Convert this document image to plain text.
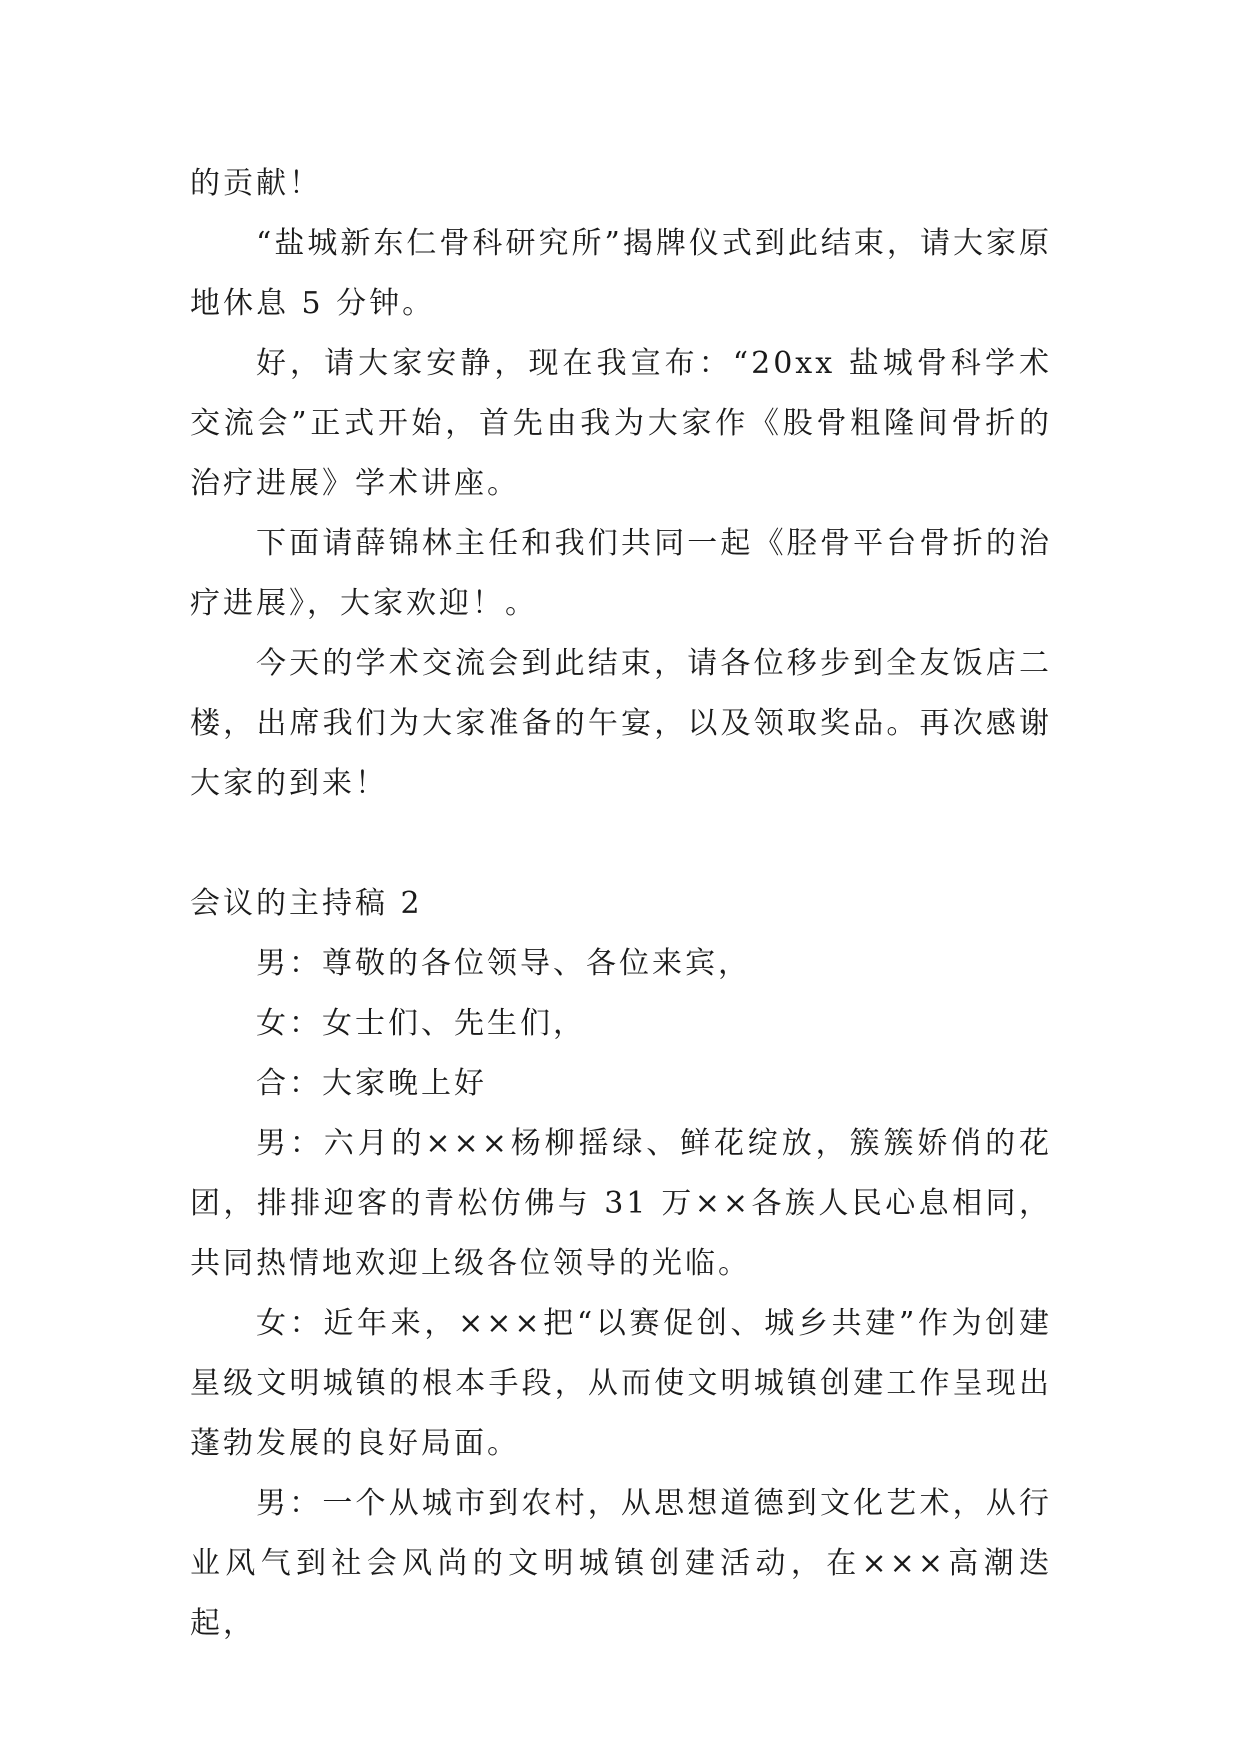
的贡献！

“盐城新东仁骨科研究所”揭牌仪式到此结束，请大家原地休息 5 分钟。

好，请大家安静，现在我宣布：“20xx 盐城骨科学术交流会”正式开始，首先由我为大家作《股骨粗隆间骨折的治疗进展》学术讲座。

下面请薛锦林主任和我们共同一起《胫骨平台骨折的治疗进展》，大家欢迎！。

今天的学术交流会到此结束，请各位移步到全友饭店二楼，出席我们为大家准备的午宴，以及领取奖品。再次感谢大家的到来！

会议的主持稿 2

男：尊敬的各位领导、各位来宾，

女：女士们、先生们，

合：大家晚上好

男：六月的×××杨柳摇绿、鲜花绽放，簇簇娇俏的花团，排排迎客的青松仿佛与 31 万××各族人民心息相同，共同热情地欢迎上级各位领导的光临。

女：近年来，×××把“以赛促创、城乡共建”作为创建星级文明城镇的根本手段，从而使文明城镇创建工作呈现出蓬勃发展的良好局面。

男：一个从城市到农村，从思想道德到文化艺术，从行业风气到社会风尚的文明城镇创建活动，在×××高潮迭起，
